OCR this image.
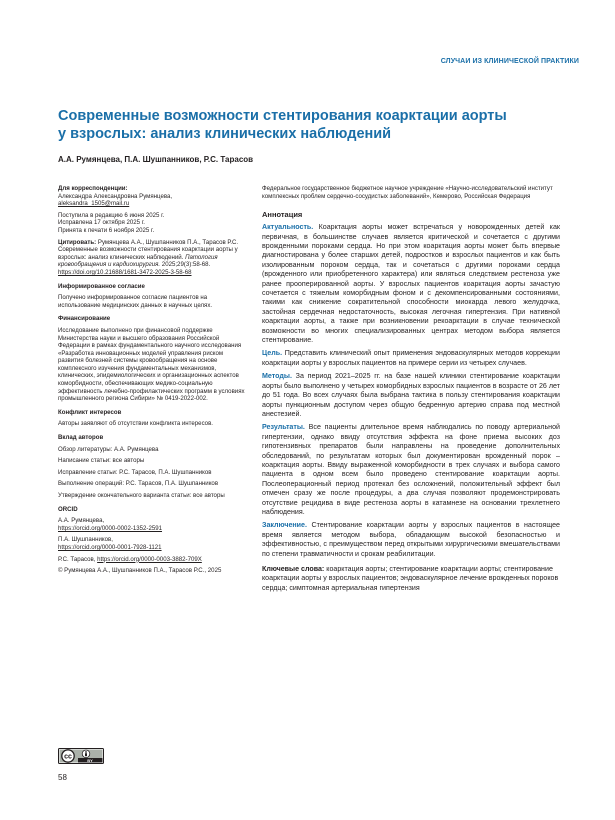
СЛУЧАИ ИЗ КЛИНИЧЕСКОЙ ПРАКТИКИ
Современные возможности стентирования коарктации аорты
у взрослых: анализ клинических наблюдений
А.А. Румянцева, П.А. Шушпанников, Р.С. Тарасов
Для корреспонденции:

Александра Александровна Румянцева,

aleksandra_1505@mail.ru

Поступила в редакцию 6 июня 2025 г.

Исправлена 17 октября 2025 г.

Принята к печати 6 ноября 2025 г.

Цитировать: Румянцева А.А., Шушпанников П.А., Тарасов Р.С. Современные возможности стентирования коарктации аорты у взрослых: анализ клинических наблюдений. Патология кровообращения и кардиохирургия. 2025;29(3):58-68. https://doi.org/10.21688/1681-3472-2025-3-58-68

Информированное согласие

Получено информированное согласие пациентов на использование медицинских данных в научных целях.

Финансирование

Исследование выполнено при финансовой поддержке Министерства науки и высшего образования Российской Федерации в рамках фундаментального научного исследования «Разработка инновационных моделей управления риском развития болезней системы кровообращения на основе комплексного изучения фундаментальных механизмов, клинических, эпидемиологических и организационных аспектов коморбидности, обеспечивающих медико-социальную эффективность лечебно-профилактических программ в условиях промышленного региона Сибири» № 0419-2022-002.

Конфликт интересов

Авторы заявляют об отсутствии конфликта интересов.

Вклад авторов

Обзор литературы: А.А. Румянцева

Написание статьи: все авторы

Исправление статьи: Р.С. Тарасов, П.А. Шушпанников

Выполнение операций: Р.С. Тарасов, П.А. Шушпанников

Утверждение окончательного варианта статьи: все авторы

ORCID

А.А. Румянцева,

https://orcid.org/0000-0002-1352-2591

П.А. Шушпанников,

https://orcid.org/0000-0001-7928-1121

Р.С. Тарасов, https://orcid.org/0000-0003-3882-709X

© Румянцева А.А., Шушпанников П.А., Тарасов Р.С., 2025

cc	BY

Федеральное государственное бюджетное научное учреждение «Научно-исследовательский институт комплексных проблем сердечно-сосудистых заболеваний», Кемерово, Российская Федерация

Аннотация

Актуальность. Коарктация аорты может встречаться у новорожденных детей как первичная, в большинстве случаев является критической и сочетается с другими врожденными пороками сердца. Но при этом коарктация аорты может быть впервые диагностирована у более старших детей, подростков и взрослых пациентов и как быть изолированным пороком сердца, так и сочетаться с другими пороками сердца (врожденного или приобретенного характера) или являться следствием рестеноза уже ранее прооперированной аорты. У взрослых пациентов коарктация аорты зачастую сочетается с тяжелым коморбидным фоном и с декомпенсированными состояниями, такими как снижение сократительной способности миокарда левого желудочка, застойная сердечная недостаточность, высокая легочная гипертензия. При нативной коарктации аорты, а также при возникновении рекоарктации в случае технической возможности во многих специализированных центрах методом выбора является стентирование.

Цель. Представить клинический опыт применения эндоваскулярных методов коррекции коарктации аорты у взрослых пациентов на примере серии из четырех случаев.

Методы. За период 2021–2025 гг. на базе нашей клиники стентирование коарктации аорты было выполнено у четырех коморбидных взрослых пациентов в возрасте от 26 лет до 51 года. Во всех случаях была выбрана тактика в пользу стентирования коарктации аорты пункционным доступом через общую бедренную артерию справа под местной анестезией.

Результаты. Все пациенты длительное время наблюдались по поводу артериальной гипертензии, однако ввиду отсутствия эффекта на фоне приема высоких доз гипотензивных препаратов были направлены на проведение дополнительных обследований, по результатам которых был документирован врожденный порок – коарктация аорты. Ввиду выраженной коморбидности в трех случаях и выбора самого пациента в одном всем было проведено стентирование коарктации аорты. Послеоперационный период протекал без осложнений, положительный эффект был отмечен сразу же после процедуры, а два случая позволяют продемонстрировать отсутствие рецидива в виде рестеноза аорты в катамнезе на основании трехлетнего наблюдения.

Заключение. Стентирование коарктации аорты у взрослых пациентов в настоящее время является методом выбора, обладающим высокой безопасностью и эффективностью, с преимуществом перед открытыми хирургическими вмешательствами по степени травматичности и срокам реабилитации.

Ключевые слова: коарктация аорты; стентирование коарктации аорты; стентирование коарктации аорты у взрослых пациентов; эндоваскулярное лечение врожденных пороков сердца; симптомная артериальная гипертензия

58
